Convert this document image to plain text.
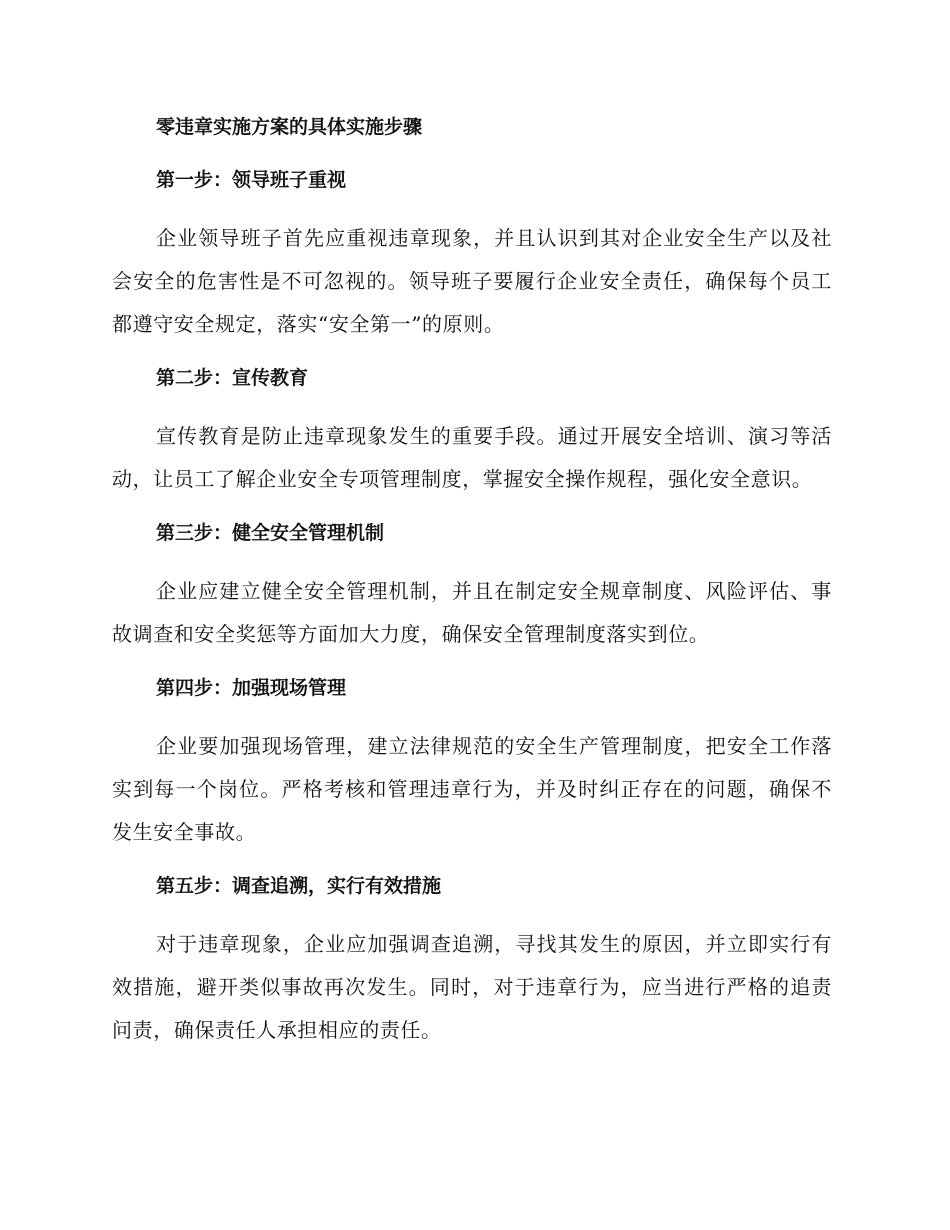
零违章实施方案的具体实施步骤

第一步：领导班子重视

企业领导班子首先应重视违章现象，并且认识到其对企业安全生产以及社会安全的危害性是不可忽视的。领导班子要履行企业安全责任，确保每个员工都遵守安全规定，落实“安全第一”的原则。

第二步：宣传教育

宣传教育是防止违章现象发生的重要手段。通过开展安全培训、演习等活动，让员工了解企业安全专项管理制度，掌握安全操作规程，强化安全意识。

第三步：健全安全管理机制

企业应建立健全安全管理机制，并且在制定安全规章制度、风险评估、事故调查和安全奖惩等方面加大力度，确保安全管理制度落实到位。

第四步：加强现场管理

企业要加强现场管理，建立法律规范的安全生产管理制度，把安全工作落实到每一个岗位。严格考核和管理违章行为，并及时纠正存在的问题，确保不发生安全事故。

第五步：调查追溯，实行有效措施

对于违章现象，企业应加强调查追溯，寻找其发生的原因，并立即实行有效措施，避开类似事故再次发生。同时，对于违章行为，应当进行严格的追责问责，确保责任人承担相应的责任。
